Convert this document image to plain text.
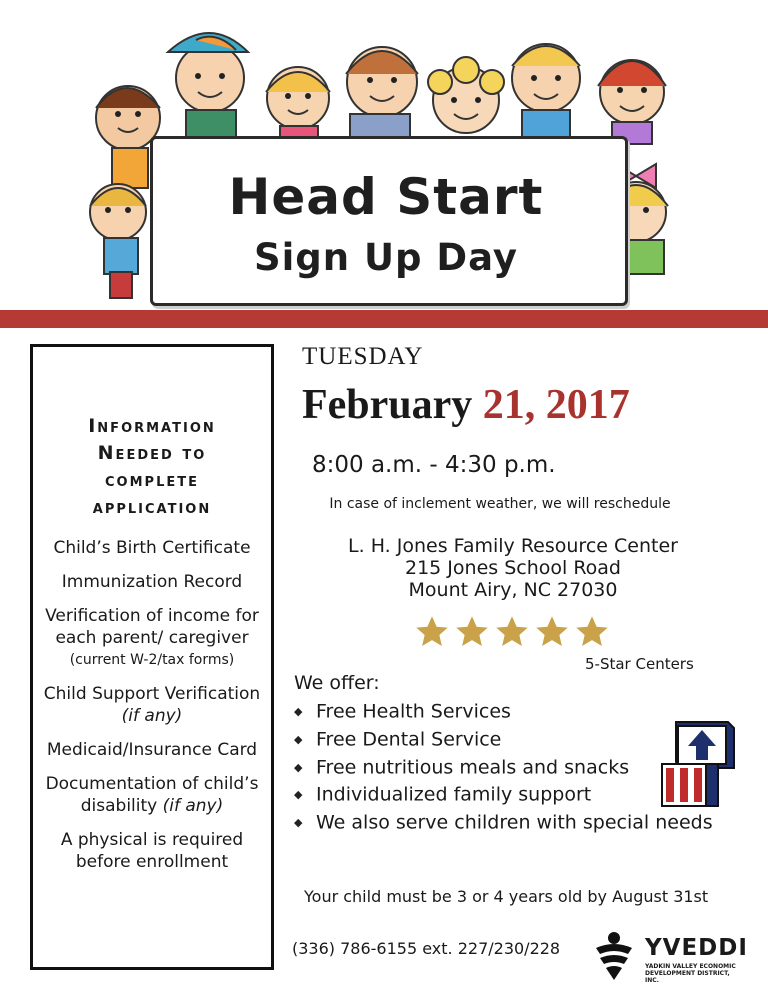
Head Start
Sign Up Day
Information
Needed to
complete
application
Child’s Birth Certificate
Immunization Record
Verification of income for each parent/ caregiver
(current W-2/tax forms)
Child Support Verification (if any)
Medicaid/Insurance Card
Documentation of child’s disability (if any)
A physical is required before enrollment
TUESDAY
February 21, 2017
8:00 a.m. - 4:30 p.m.
In case of inclement weather, we will reschedule
L. H. Jones Family Resource Center
215 Jones School Road
Mount Airy, NC 27030
5-Star Centers
We offer:
◆ Free Health Services
◆ Free Dental Service
◆ Free nutritious meals and snacks
◆ Individualized family support
◆ We also serve children with special needs
Your child must be 3 or 4 years old by August 31st
(336) 786-6155 ext. 227/230/228	YVEDDI
YADKIN VALLEY ECONOMIC DEVELOPMENT DISTRICT, INC.
